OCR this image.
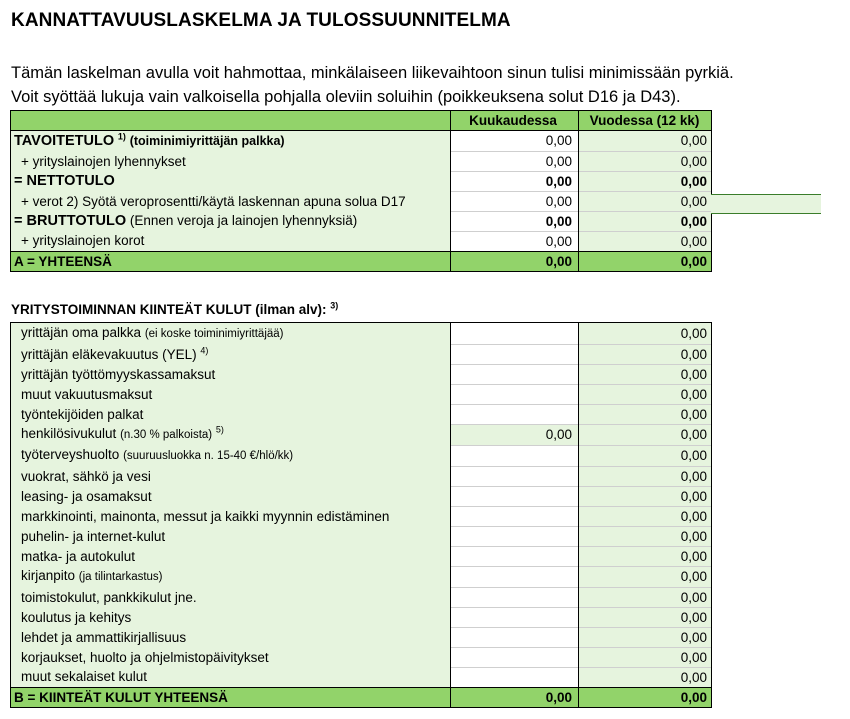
KANNATTAVUUSLASKELMA JA TULOSSUUNNITELMA
Tämän laskelman avulla voit hahmottaa, minkälaiseen liikevaihtoon sinun tulisi minimissään pyrkiä.
Voit syöttää lukuja vain valkoisella pohjalla oleviin soluihin (poikkeuksena solut D16 ja D43).
	Kuukaudessa	Vuodessa (12 kk)
TAVOITETULO $^{1)}$ (toiminimiyrittäjän palkka)	0,00	0,00
+ yrityslainojen lyhennykset	0,00	0,00
= NETTOTULO	0,00	0,00
+ verot 2) Syötä veroprosentti/käytä laskennan apuna solua D17	0,00	0,00
= BRUTTOTULO (Ennen veroja ja lainojen lyhennyksiä)	0,00	0,00
+ yrityslainojen korot	0,00	0,00
A = YHTEENSÄ	0,00	0,00
YRITYSTOIMINNAN KIINTEÄT KULUT (ilman alv): $^{3)}$
yrittäjän oma palkka (ei koske toiminimiyrittäjää)		0,00
yrittäjän eläkevakuutus (YEL) $^{4)}$		0,00
yrittäjän työttömyyskassamaksut		0,00
muut vakuutusmaksut		0,00
työntekijöiden palkat		0,00
henkilösivukulut (n.30 % palkoista) $^{5)}$	0,00	0,00
työterveyshuolto (suuruusluokka n. 15-40 €/hlö/kk)		0,00
vuokrat, sähkö ja vesi		0,00
leasing- ja osamaksut		0,00
markkinointi, mainonta, messut ja kaikki myynnin edistäminen		0,00
puhelin- ja internet-kulut		0,00
matka- ja autokulut		0,00
kirjanpito (ja tilintarkastus)		0,00
toimistokulut, pankkikulut jne.		0,00
koulutus ja kehitys		0,00
lehdet ja ammattikirjallisuus		0,00
korjaukset, huolto ja ohjelmistopäivitykset		0,00
muut sekalaiset kulut		0,00
B = KIINTEÄT KULUT YHTEENSÄ	0,00	0,00
